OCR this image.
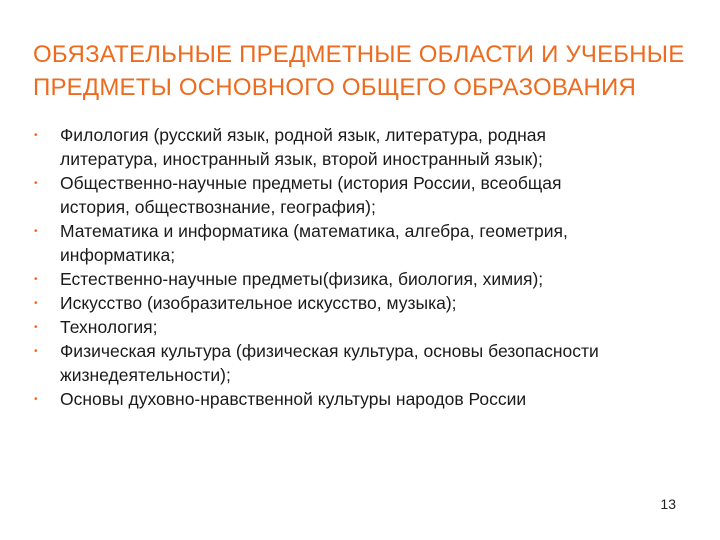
ОБЯЗАТЕЛЬНЫЕ ПРЕДМЕТНЫЕ ОБЛАСТИ И УЧЕБНЫЕ
ПРЕДМЕТЫ ОСНОВНОГО ОБЩЕГО ОБРАЗОВАНИЯ
• Филология (русский язык, родной язык, литература, родная
литература, иностранный язык, второй иностранный язык);
• Общественно-научные предметы (история России, всеобщая
история, обществознание, география);
• Математика и информатика (математика, алгебра, геометрия,
информатика;
• Естественно-научные предметы(физика, биология, химия);
• Искусство (изобразительное искусство, музыка);
• Технология;
• Физическая культура (физическая культура, основы безопасности
жизнедеятельности);
• Основы духовно-нравственной культуры народов России
13
